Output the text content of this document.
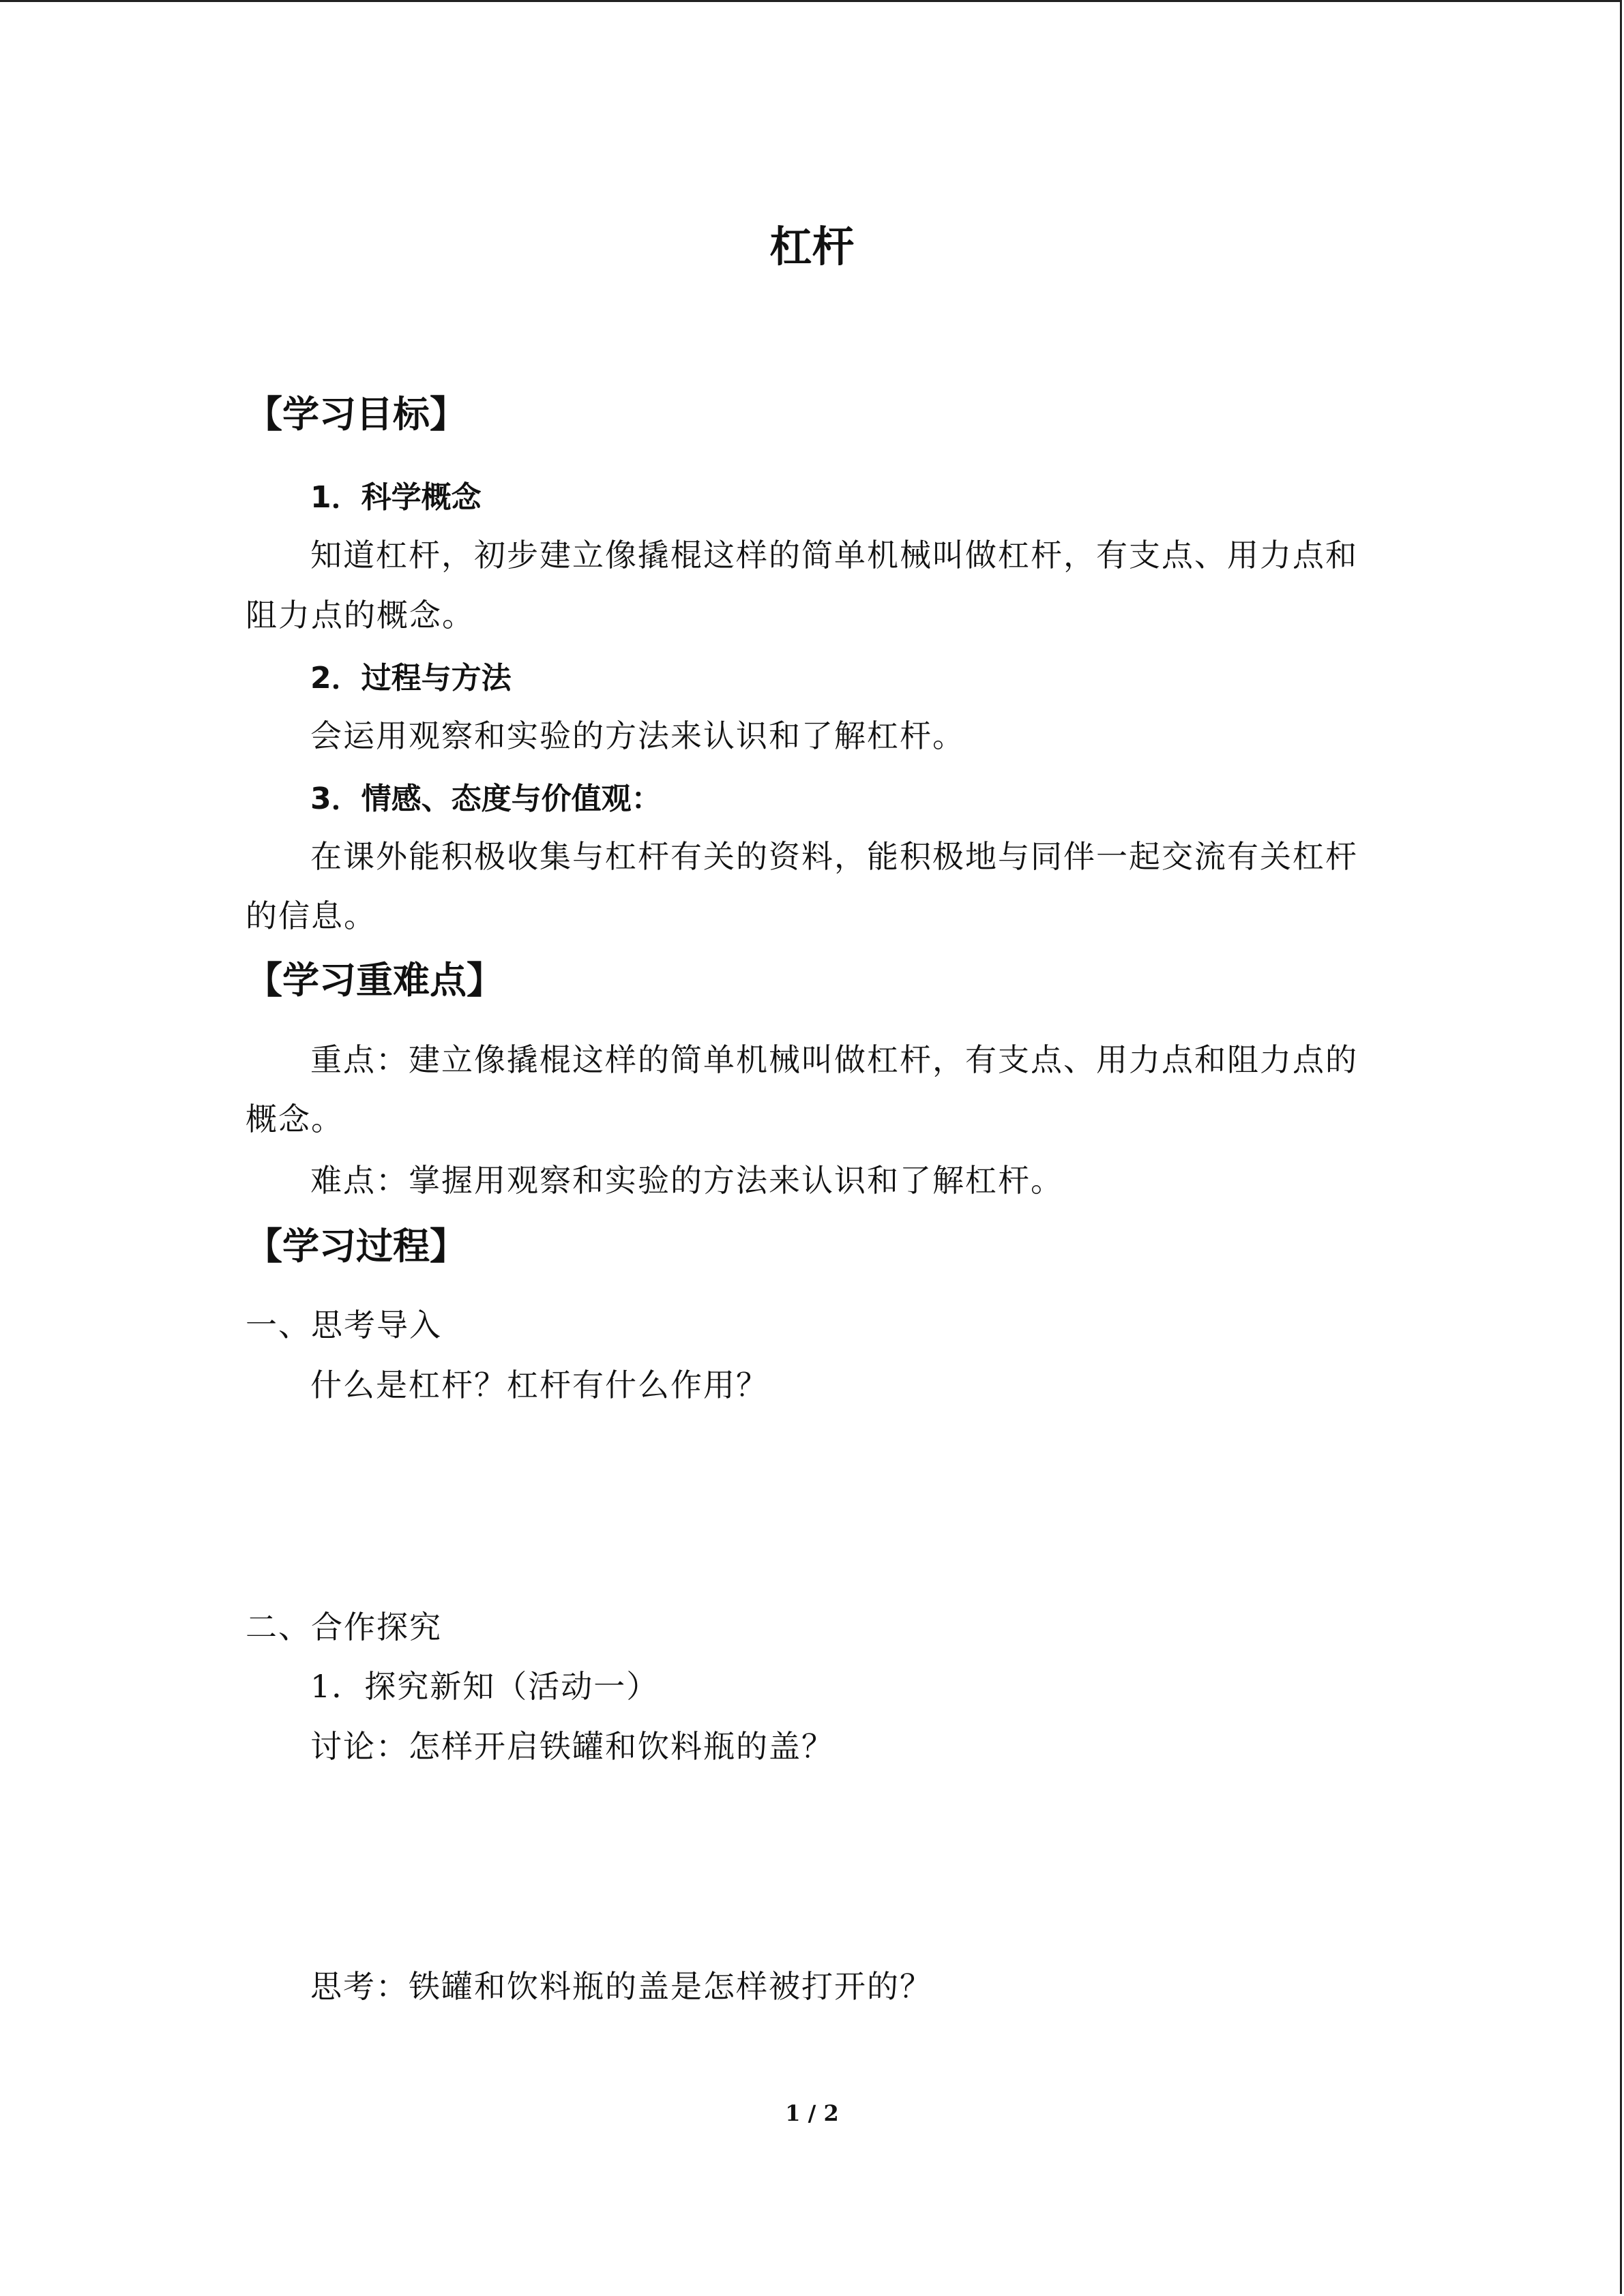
杠杆
【学习目标】
1．科学概念
知道杠杆，初步建立像撬棍这样的简单机械叫做杠杆，有支点、用力点和
阻力点的概念。
2．过程与方法
会运用观察和实验的方法来认识和了解杠杆。
3．情感、态度与价值观：
在课外能积极收集与杠杆有关的资料，能积极地与同伴一起交流有关杠杆
的信息。
【学习重难点】
重点：建立像撬棍这样的简单机械叫做杠杆，有支点、用力点和阻力点的
概念。
难点：掌握用观察和实验的方法来认识和了解杠杆。
【学习过程】
一、思考导入
什么是杠杆？杠杆有什么作用？
二、合作探究
1．探究新知（活动一）
讨论：怎样开启铁罐和饮料瓶的盖？
思考：铁罐和饮料瓶的盖是怎样被打开的？
1 / 2
